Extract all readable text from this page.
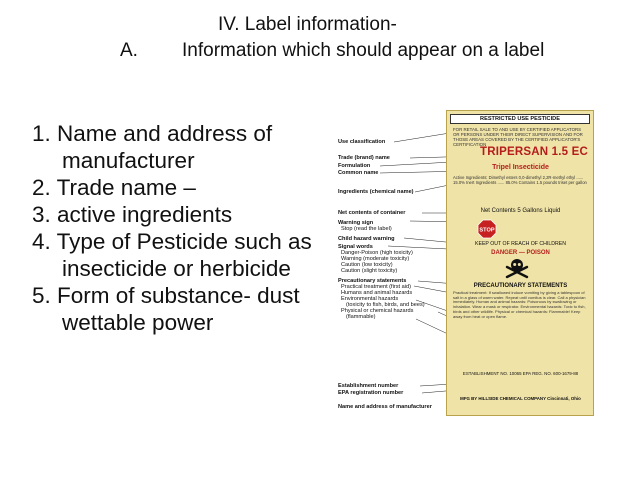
IV. Label information-
A. Information which should appear on a label
1. Name and address of manufacturer
2. Trade name –
3. active ingredients
4. Type of Pesticide such as insecticide or herbicide
5. Form of substance- dust wettable power
Use classification
Trade (brand) name
Formulation
Common name
Ingredients (chemical name)
Net contents of container
Warning sign
Stop (read the label)
Child hazard warning
Signal words
Danger-Poison (high toxicity)
Warning (moderate toxicity)
Caution (low toxicity)
Caution (slight toxicity)
Precautionary statements
Practical treatment (first aid)
Humans and animal hazards
Environmental hazards
(toxicity to fish, birds, and bees)
Physical or chemical hazards
(flammable)
Establishment number
EPA registration number
Name and address of manufacturer
RESTRICTED USE PESTICIDE
FOR RETAIL SALE TO AND USE BY CERTIFIED APPLICATORS OR PERSONS UNDER THEIR DIRECT SUPERVISION AND FOR THOSE AREAS COVERED BY THE CERTIFIED APPLICATOR'S CERTIFICATION
TRIPERSAN 1.5 EC
Tripel Insecticide
Active Ingredients: Dimethyl esters 0,0-dimethyl 2,2R-methyl ethyl ...... 15.0% Inert Ingredients ...... 85.0% Contains 1.5 pounds triset per gallon
Net Contents 5 Gallons Liquid
STOP
KEEP OUT OF REACH OF CHILDREN
DANGER — POISON
PRECAUTIONARY STATEMENTS
Practical treatment: If swallowed induce vomiting by giving a tablespoon of salt in a glass of warm water. Repeat until vomitus is clear. Call a physician immediately. Human and animal hazards: Poisonous by swallowing or inhalation. Wear a mask or respirator. Environmental hazards: Toxic to fish, birds and other wildlife. Physical or chemical hazards: Flammable! Keep away from heat or open flame.
ESTABLISHMENT NO. 10065 EPA REG. NO. 600-1679-88
MFG BY HILLSIDE CHEMICAL COMPANY Cincinnati, Ohio
